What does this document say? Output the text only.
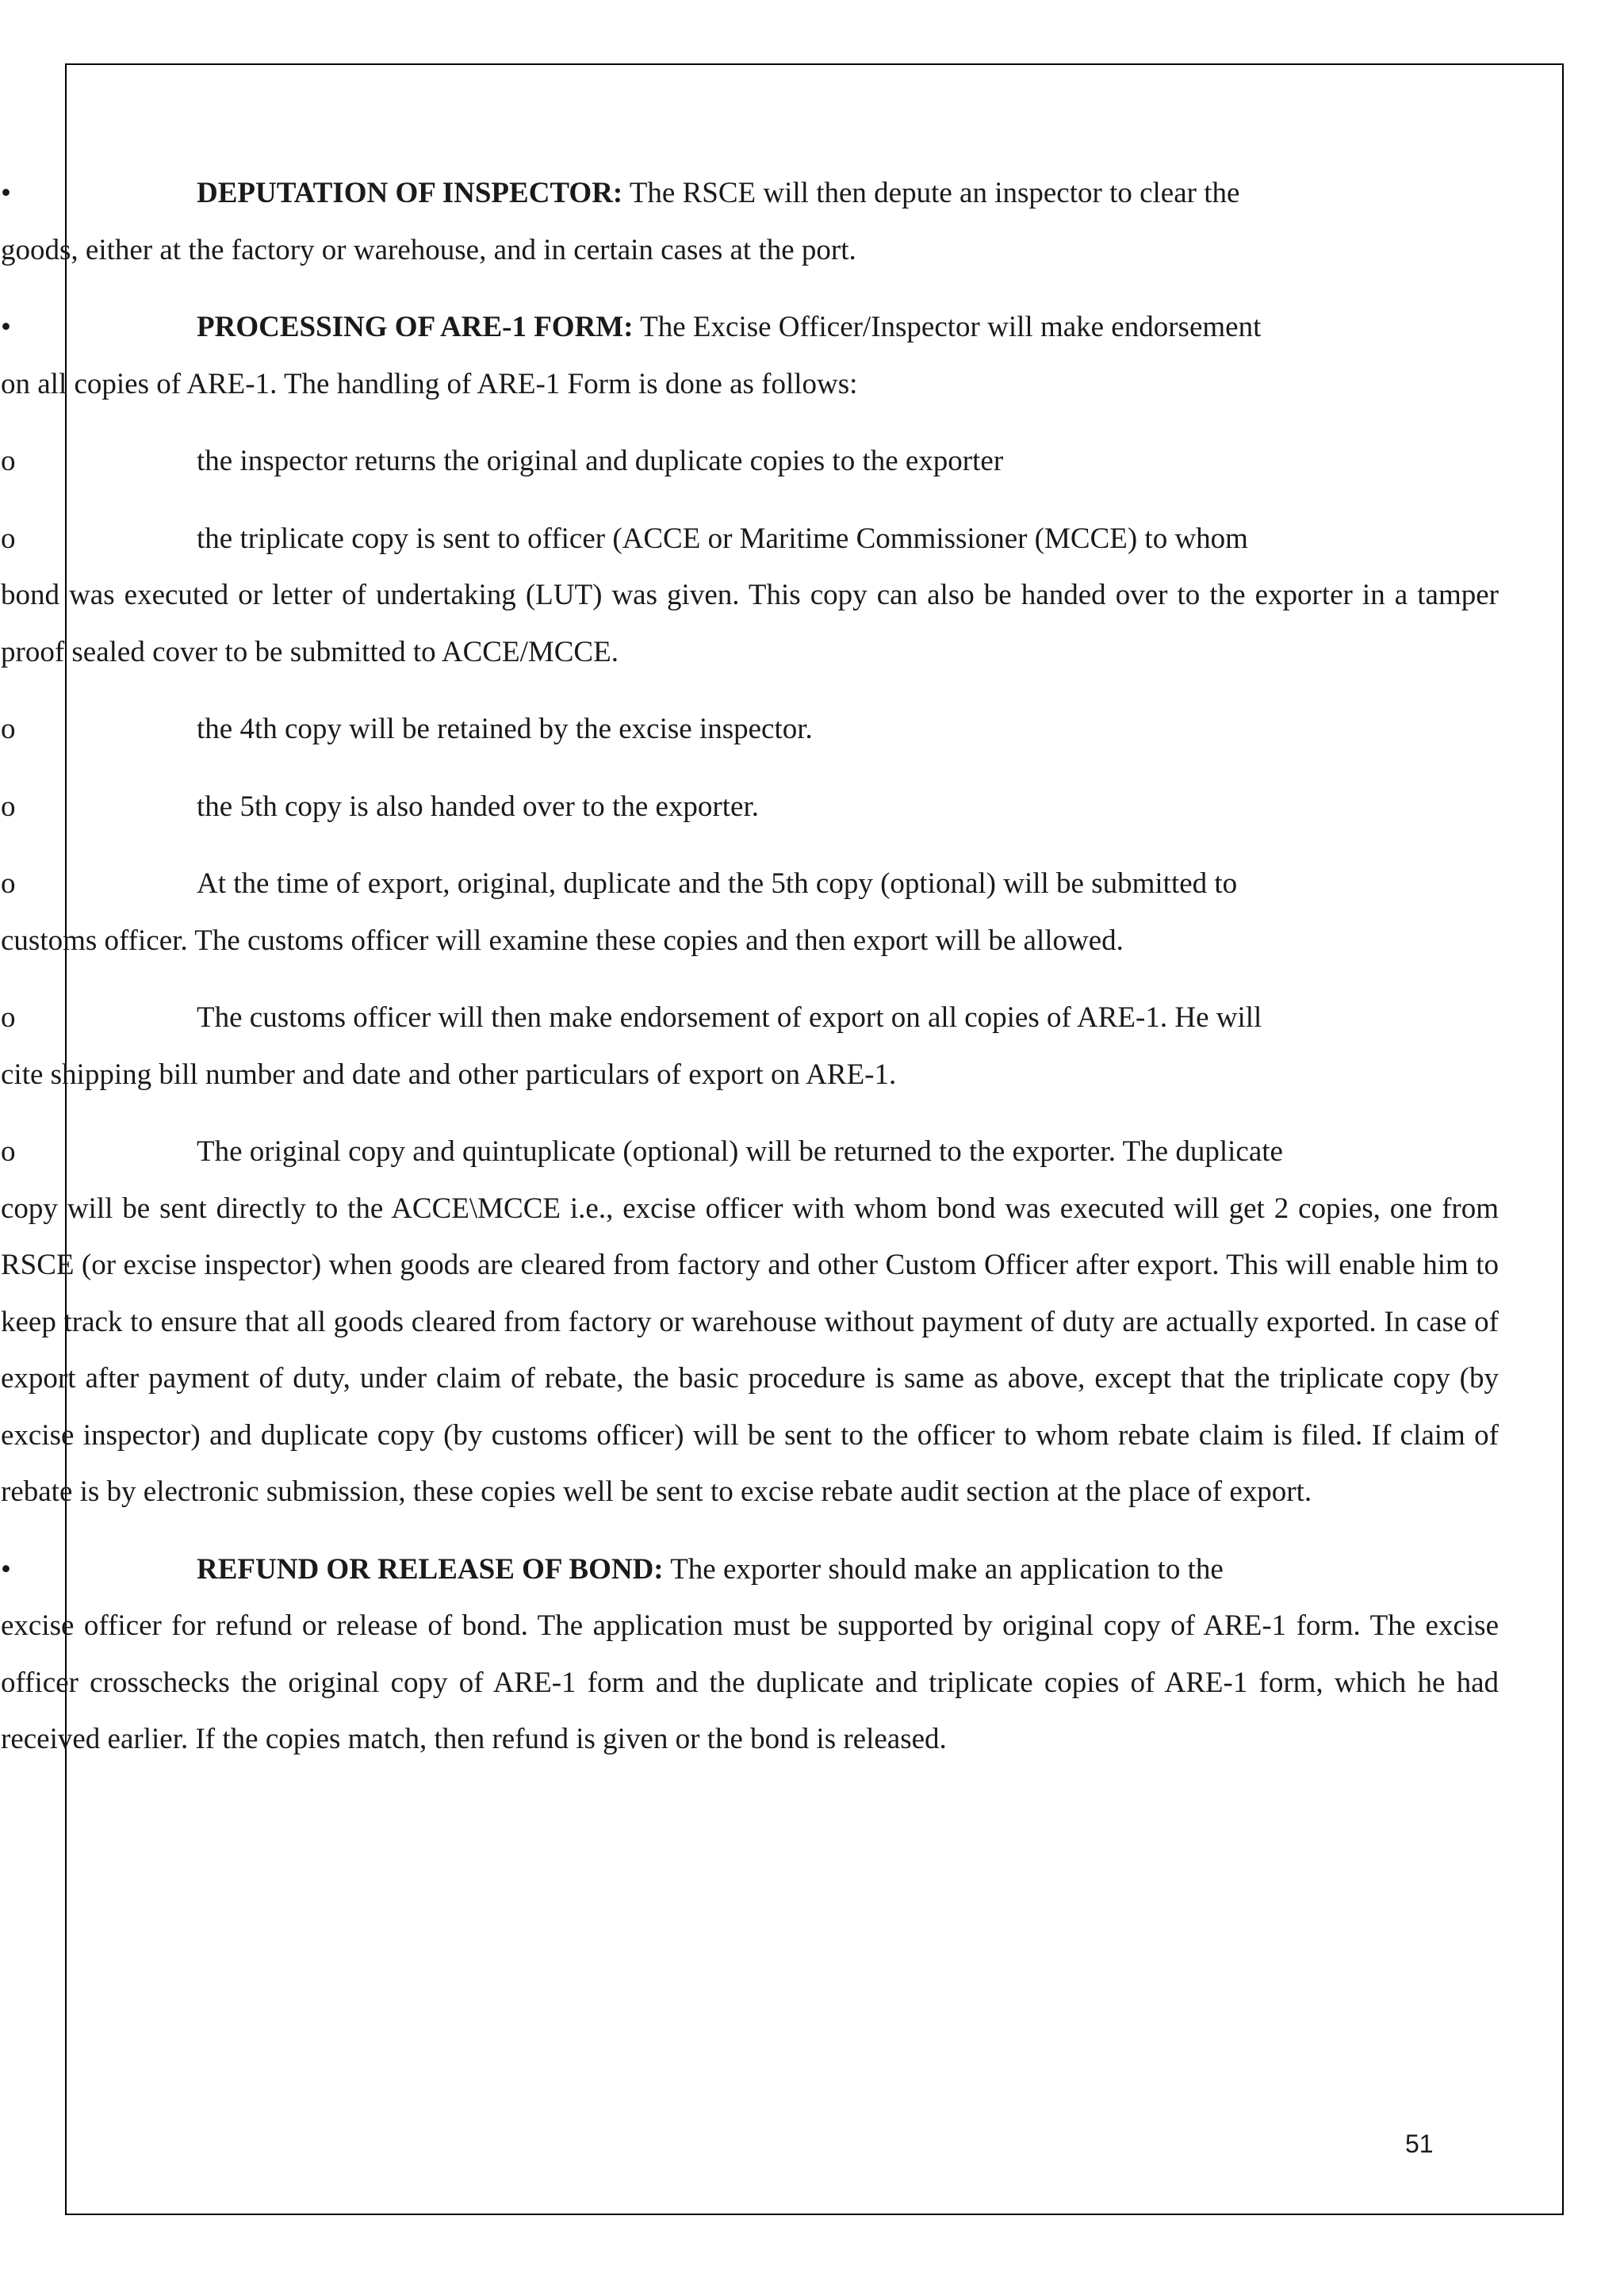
•	DEPUTATION OF INSPECTOR: The RSCE will then depute an inspector to clear the
goods, either at the factory or warehouse, and in certain cases at the port.

•	PROCESSING OF ARE-1 FORM: The Excise Officer/Inspector will make endorsement
on all copies of ARE-1. The handling of ARE-1 Form is done as follows:

o	the inspector returns the original and duplicate copies to the exporter

o	the triplicate copy is sent to officer (ACCE or Maritime Commissioner (MCCE) to whom
bond was executed or letter of undertaking (LUT) was given. This copy can also be handed over to the exporter in a tamper proof sealed cover to be submitted to ACCE/MCCE.

o	the 4th copy will be retained by the excise inspector.

o	the 5th copy is also handed over to the exporter.

o	At the time of export, original, duplicate and the 5th copy (optional) will be submitted to
customs officer. The customs officer will examine these copies and then export will be allowed.

o	The customs officer will then make endorsement of export on all copies of ARE-1. He will
cite shipping bill number and date and other particulars of export on ARE-1.

o	The original copy and quintuplicate (optional) will be returned to the exporter. The duplicate
copy will be sent directly to the ACCE\MCCE i.e., excise officer with whom bond was executed will get 2 copies, one from RSCE (or excise inspector) when goods are cleared from factory and other Custom Officer after export. This will enable him to keep track to ensure that all goods cleared from factory or warehouse without payment of duty are actually exported. In case of export after payment of duty, under claim of rebate, the basic procedure is same as above, except that the triplicate copy (by excise inspector) and duplicate copy (by customs officer) will be sent to the officer to whom rebate claim is filed. If claim of rebate is by electronic submission, these copies well be sent to excise rebate audit section at the place of export.

•	REFUND OR RELEASE OF BOND: The exporter should make an application to the
excise officer for refund or release of bond. The application must be supported by original copy of ARE-1 form. The excise officer crosschecks the original copy of ARE-1 form and the duplicate and triplicate copies of ARE-1 form, which he had received earlier. If the copies match, then refund is given or the bond is released.

51
